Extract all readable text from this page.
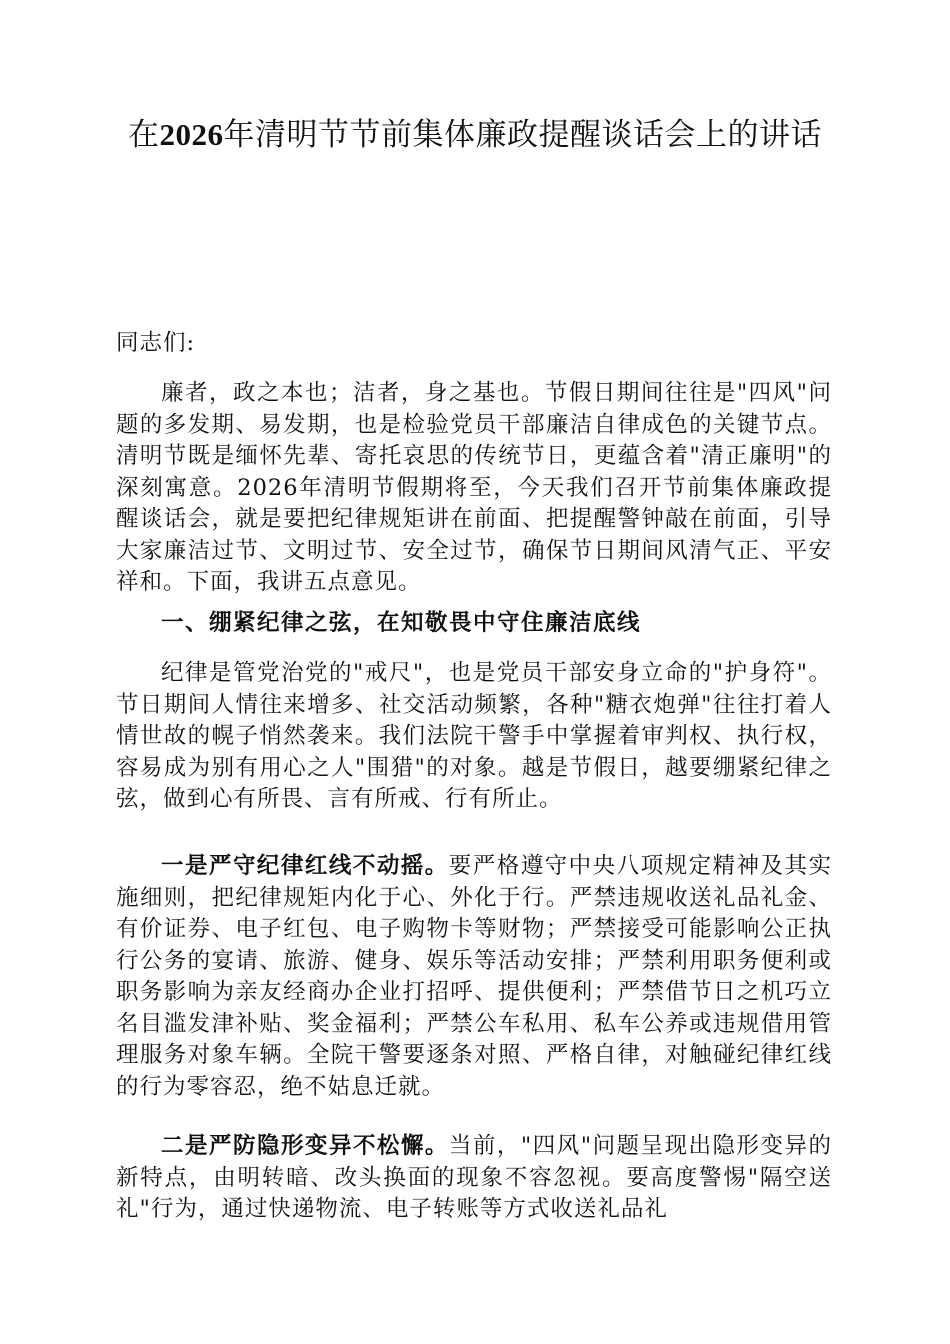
在2026年清明节节前集体廉政提醒谈话会上的讲话
同志们:
廉者，政之本也；洁者，身之基也。节假日期间往往是"四风"问题的多发期、易发期，也是检验党员干部廉洁自律成色的关键节点。清明节既是缅怀先辈、寄托哀思的传统节日，更蕴含着"清正廉明"的深刻寓意。2026年清明节假期将至，今天我们召开节前集体廉政提醒谈话会，就是要把纪律规矩讲在前面、把提醒警钟敲在前面，引导大家廉洁过节、文明过节、安全过节，确保节日期间风清气正、平安祥和。下面，我讲五点意见。
一、绷紧纪律之弦，在知敬畏中守住廉洁底线
纪律是管党治党的"戒尺"，也是党员干部安身立命的"护身符"。节日期间人情往来增多、社交活动频繁，各种"糖衣炮弹"往往打着人情世故的幌子悄然袭来。我们法院干警手中掌握着审判权、执行权，容易成为别有用心之人"围猎"的对象。越是节假日，越要绷紧纪律之弦，做到心有所畏、言有所戒、行有所止。
一是严守纪律红线不动摇。要严格遵守中央八项规定精神及其实施细则，把纪律规矩内化于心、外化于行。严禁违规收送礼品礼金、有价证券、电子红包、电子购物卡等财物；严禁接受可能影响公正执行公务的宴请、旅游、健身、娱乐等活动安排；严禁利用职务便利或职务影响为亲友经商办企业打招呼、提供便利；严禁借节日之机巧立名目滥发津补贴、奖金福利；严禁公车私用、私车公养或违规借用管理服务对象车辆。全院干警要逐条对照、严格自律，对触碰纪律红线的行为零容忍，绝不姑息迁就。
二是严防隐形变异不松懈。当前，"四风"问题呈现出隐形变异的新特点，由明转暗、改头换面的现象不容忽视。要高度警惕"隔空送礼"行为，通过快递物流、电子转账等方式收送礼品礼
